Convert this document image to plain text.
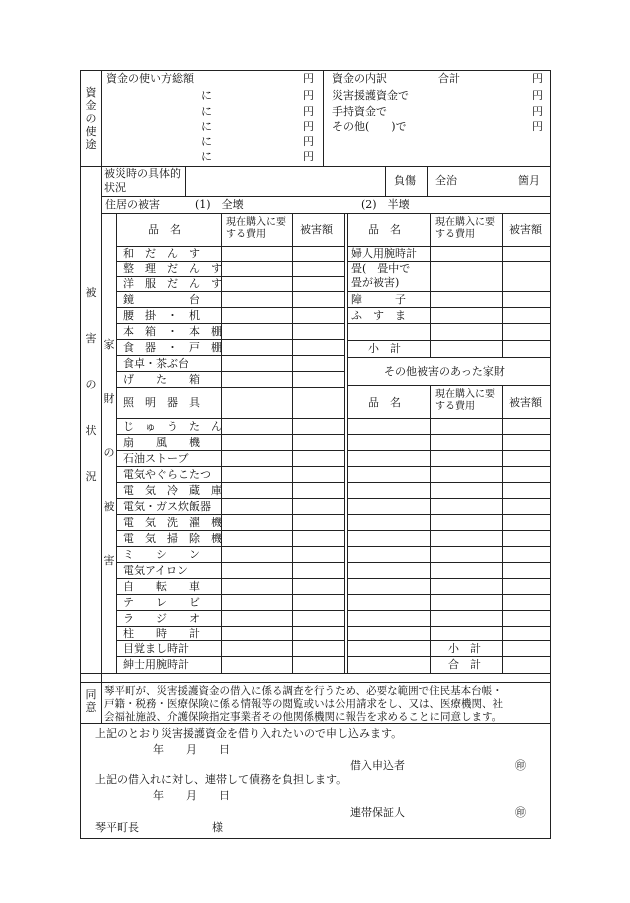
資金の使途
資金の使い方総額	円
に	円
に	円
に	円
に	円
に	円
資金の内訳	合計	円
災害援護資金で	円
手持資金で	円
その他(　　)で	円
被害の状況
被災時の具体的状況
負傷 全治	箇月
住居の被害	(1)　全壊	(2)　半壊
家財の被害
品　名
現在購入に要する費用	被害額
和　だ　ん　す
整　理　だ　ん　す
洋　服　だ　ん　す
鏡　　　　　台
腰　掛　・　机
本　箱　・　本　棚
食　器　・　戸　棚
食卓・茶ぶ台
げ　　た　　箱
照　明　器　具
じ　ゅ　う　た　ん
扇　　風　　機
石油ストーブ
電気やぐらこたつ
電　気　冷　蔵　庫
電気・ガス炊飯器
電　気　洗　濯　機
電　気　掃　除　機
ミ　　シ　　ン
電気アイロン
自　　転　　車
テ　　レ　　ビ
ラ　　ジ　　オ
柱　　時　　計
目覚まし時計
紳士用腕時計
品　名
現在購入に要する費用	被害額
婦人用腕時計
畳(　畳中で
畳が被害)
障　　　子
ふ　す　ま
小　計
その他被害のあった家財
品　名
現在購入に要する費用	被害額
小　計
合　計
同意
琴平町が、災害援護資金の借入に係る調査を行うため、必要な範囲で住民基本台帳・
戸籍・税務・医療保険に係る情報等の閲覧或いは公用請求をし、又は、医療機関、社
会福祉施設、介護保険指定事業者その他関係機関に報告を求めることに同意します。
上記のとおり災害援護資金を借り入れたいので申し込みます。
年　　月　　日
借入申込者	㊞
上記の借入れに対し、連帯して債務を負担します。
年　　月　　日
連帯保証人	㊞
琴平町長	様
